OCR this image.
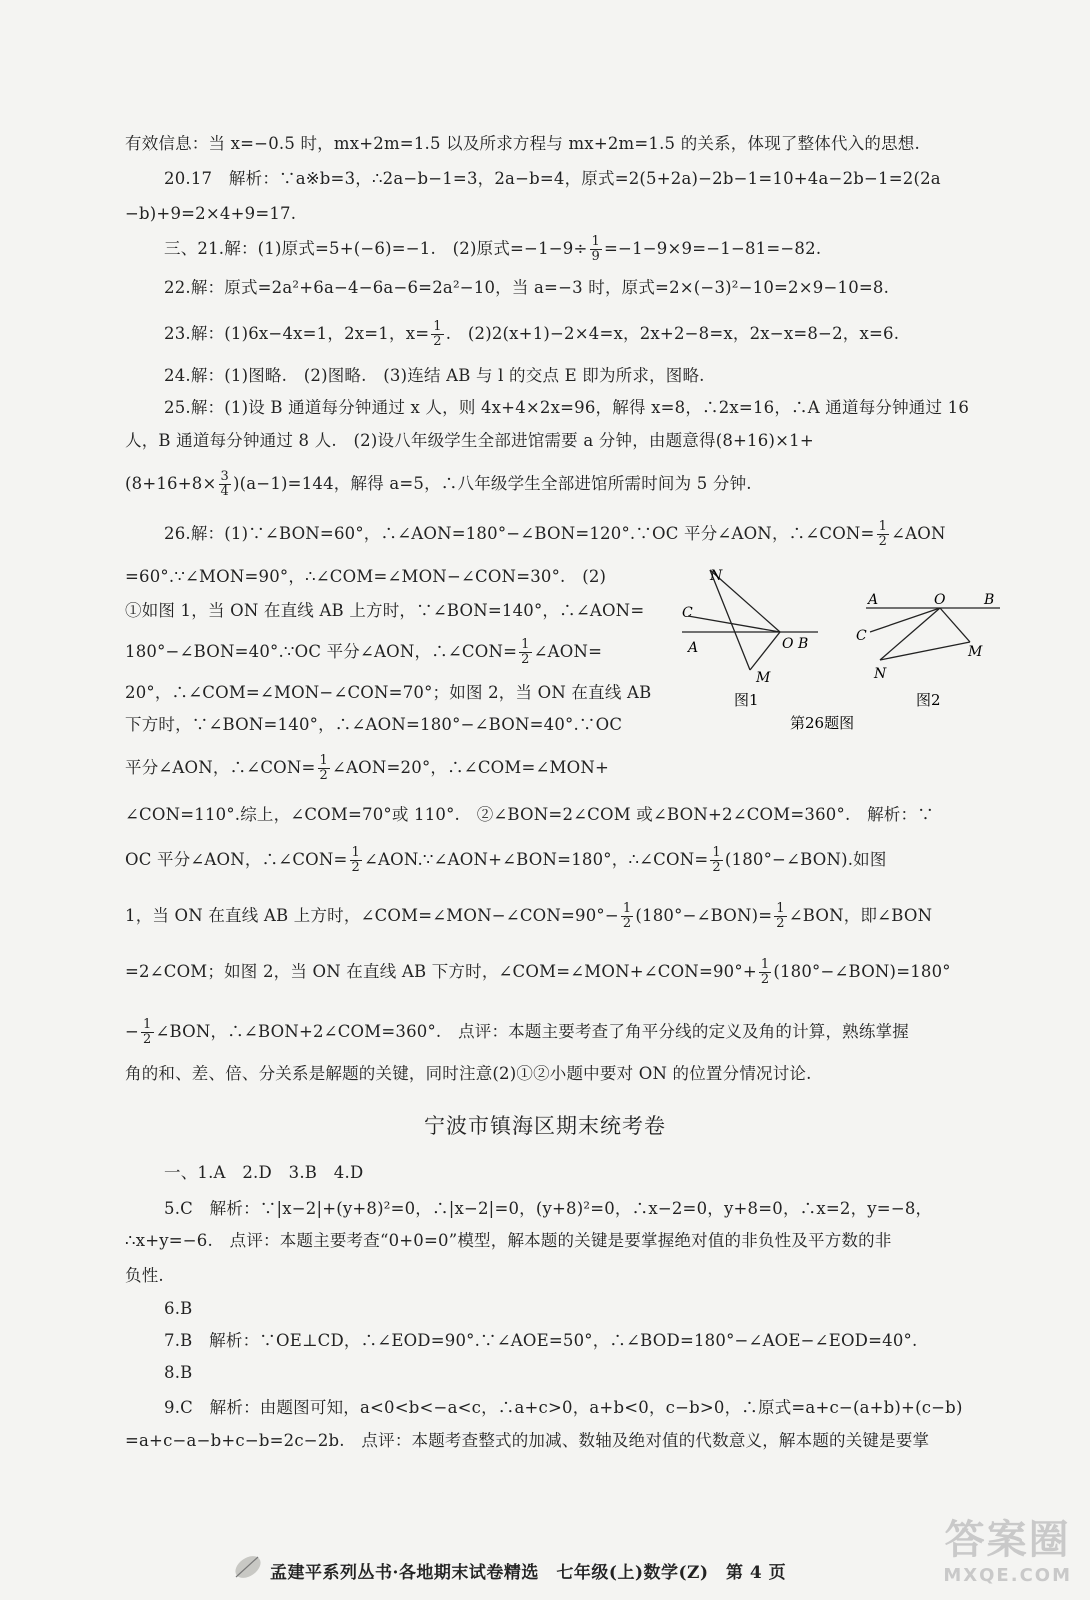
有效信息：当 x=−0.5 时，mx+2m=1.5 以及所求方程与 mx+2m=1.5 的关系，体现了整体代入的思想.
20.17　解析：∵a※b=3，∴2a−b−1=3，2a−b=4，原式=2(5+2a)−2b−1=10+4a−2b−1=2(2a
−b)+9=2×4+9=17.
三、21.解：(1)原式=5+(−6)=−1.　(2)原式$=-1-9\div \frac{1}{9} =-1-9\times 9=-1-81=-82$.
22.解：原式=2a²+6a−4−6a−6=2a²−10，当 a=−3 时，原式=2×(−3)²−10=2×9−10=8.
23.解：(1)6x−4x=1，2x=1，$x= \frac{1}{2}$ .　(2)2(x+1)−2×4=x，2x+2−8=x，2x−x=8−2，x=6.
24.解：(1)图略.　(2)图略.　(3)连结 AB 与 l 的交点 E 即为所求，图略.
25.解：(1)设 B 通道每分钟通过 x 人，则 4x+4×2x=96，解得 x=8，∴2x=16，∴A 通道每分钟通过 16
人，B 通道每分钟通过 8 人.　(2)设八年级学生全部进馆需要 a 分钟，由题意得(8+16)×1+
$(8+16+8\times \frac{3}{4} )(a-1)=144$，解得 a=5，∴八年级学生全部进馆所需时间为 5 分钟.
26.解：(1)∵∠BON=60°，∴∠AON=180°−∠BON=120°.∵OC 平分∠AON，∴∠CON= $\frac{1}{2}$ ∠AON
=60°.∵∠MON=90°，∴∠COM=∠MON−∠CON=30°.　(2)
①如图 1，当 ON 在直线 AB 上方时，∵∠BON=140°，∴∠AON=
180°−∠BON=40°.∵OC 平分∠AON，∴∠CON= $\frac{1}{2}$ ∠AON=
20°，∴∠COM=∠MON−∠CON=70°；如图 2，当 ON 在直线 AB
下方时，∵∠BON=140°，∴∠AON=180°−∠BON=40°.∵OC
平分∠AON，∴∠CON= $\frac{1}{2}$ ∠AON=20°，∴∠COM=∠MON+
∠CON=110°.综上，∠COM=70°或 110°.　②∠BON=2∠COM 或∠BON+2∠COM=360°.　解析：∵
OC 平分∠AON，∴∠CON= $\frac{1}{2}$ ∠AON.∵∠AON+∠BON=180°，∴∠CON= $\frac{1}{2}$ (180°−∠BON).如图
1，当 ON 在直线 AB 上方时，∠COM=∠MON−∠CON=90°− $\frac{1}{2}$ (180°−∠BON)= $\frac{1}{2}$ ∠BON，即∠BON
=2∠COM；如图 2，当 ON 在直线 AB 下方时，∠COM=∠MON+∠CON=90°+ $\frac{1}{2}$ (180°−∠BON)=180°
− $\frac{1}{2}$ ∠BON，∴∠BON+2∠COM=360°.　点评：本题主要考查了角平分线的定义及角的计算，熟练掌握
角的和、差、倍、分关系是解题的关键，同时注意(2)①②小题中要对 ON 的位置分情况讨论.
宁波市镇海区期末统考卷
一、1.A　2.D　3.B　4.D
5.C　解析：∵|x−2|+(y+8)²=0，∴|x−2|=0，(y+8)²=0，∴x−2=0，y+8=0，∴x=2，y=−8，
∴x+y=−6.　点评：本题主要考查“0+0=0”模型，解本题的关键是要掌握绝对值的非负性及平方数的非
负性.
6.B
7.B　解析：∵OE⊥CD，∴∠EOD=90°.∵∠AOE=50°，∴∠BOD=180°−∠AOE−∠EOD=40°.
8.B
9.C　解析：由题图可知，a<0<b<−a<c，∴a+c>0，a+b<0，c−b>0，∴原式=a+c−(a+b)+(c−b)
=a+c−a−b+c−b=2c−2b.　点评：本题考查整式的加减、数轴及绝对值的代数意义，解本题的关键是要掌
N
C
A	O B
M
A	O	B
C
N
M
图1	图2
第26题图
孟建平系列丛书·各地期末试卷精选　七年级(上)数学(Z)　第 4 页
答案圈
MXQE.COM
